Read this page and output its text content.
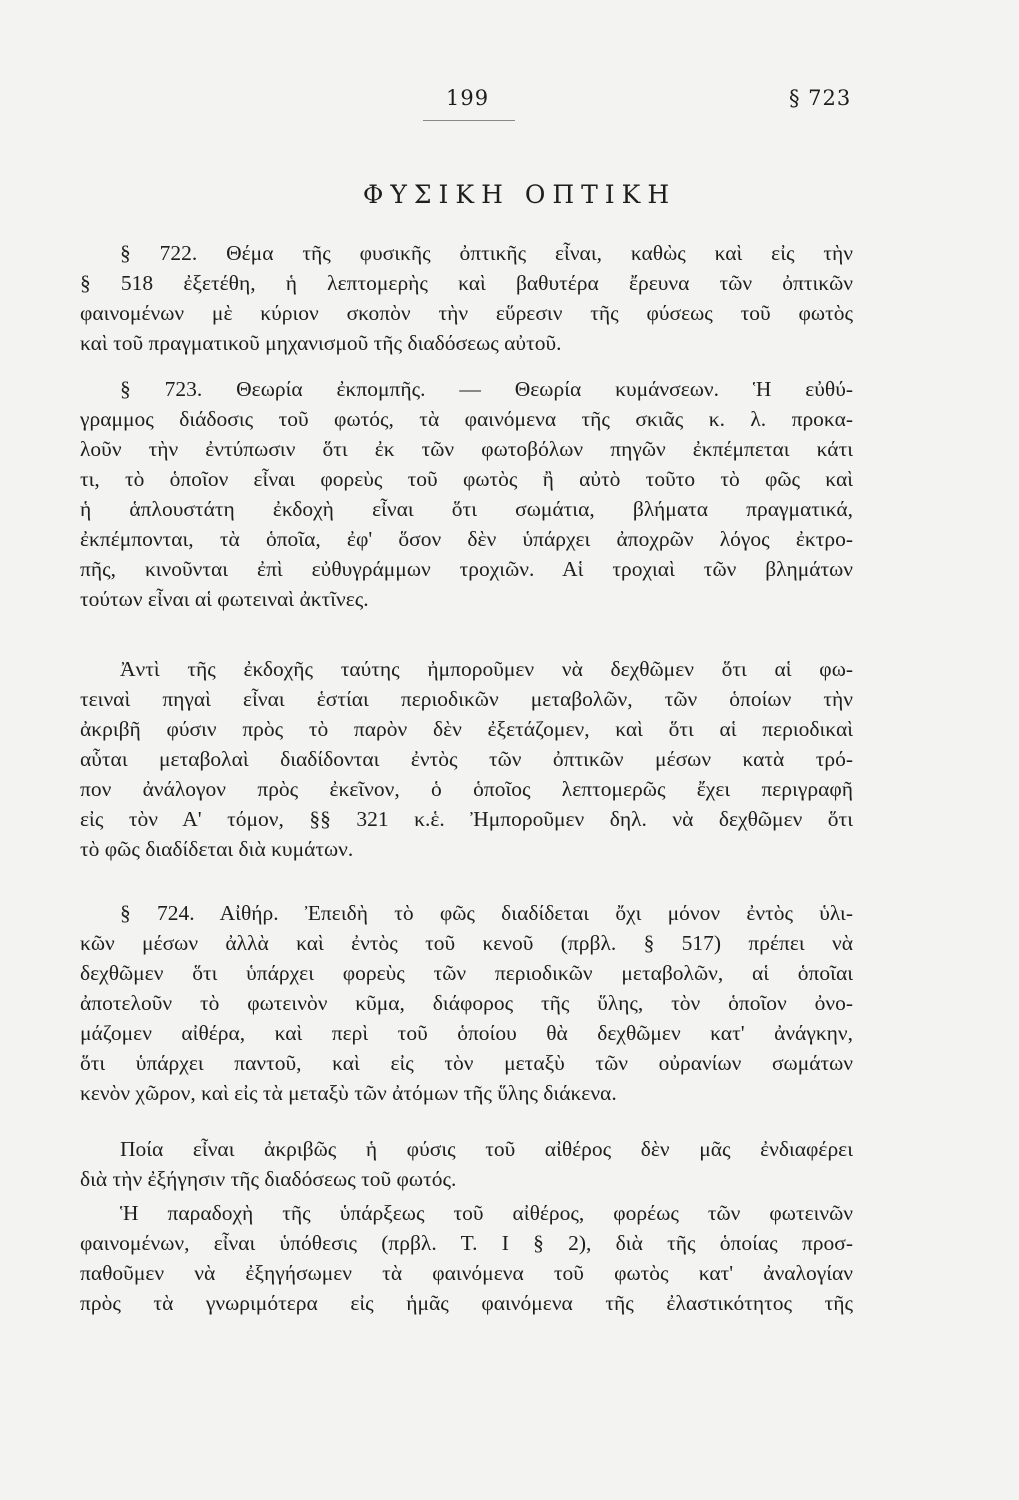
199	§ 723
ΦΥΣΙΚΗ ΟΠΤΙΚΗ
§ 722. Θέμα τῆς φυσικῆς ὀπτικῆς εἶναι, καθὼς καὶ εἰς τὴν
§ 518 ἐξετέθη, ἡ λεπτομερὴς καὶ βαθυτέρα ἔρευνα τῶν ὀπτικῶν
φαινομένων μὲ κύριον σκοπὸν τὴν εὕρεσιν τῆς φύσεως τοῦ φωτὸς
καὶ τοῦ πραγματικοῦ μηχανισμοῦ τῆς διαδόσεως αὐτοῦ.
§ 723. Θεωρία ἐκπομπῆς. — Θεωρία κυμάνσεων. Ἡ εὐθύ-
γραμμος διάδοσις τοῦ φωτός, τὰ φαινόμενα τῆς σκιᾶς κ. λ. προκα-
λοῦν τὴν ἐντύπωσιν ὅτι ἐκ τῶν φωτοβόλων πηγῶν ἐκπέμπεται κάτι
τι, τὸ ὁποῖον εἶναι φορεὺς τοῦ φωτὸς ἢ αὐτὸ τοῦτο τὸ φῶς καὶ
ἡ ἁπλουστάτη ἐκδοχὴ εἶναι ὅτι σωμάτια, βλήματα πραγματικά,
ἐκπέμπονται, τὰ ὁποῖα, ἐφ' ὅσον δὲν ὑπάρχει ἀποχρῶν λόγος ἐκτρο-
πῆς, κινοῦνται ἐπὶ εὐθυγράμμων τροχιῶν. Αἱ τροχιαὶ τῶν βλημάτων
τούτων εἶναι αἱ φωτειναὶ ἀκτῖνες.
Ἀντὶ τῆς ἐκδοχῆς ταύτης ἠμποροῦμεν νὰ δεχθῶμεν ὅτι αἱ φω-
τειναὶ πηγαὶ εἶναι ἑστίαι περιοδικῶν μεταβολῶν, τῶν ὁποίων τὴν
ἀκριβῆ φύσιν πρὸς τὸ παρὸν δὲν ἐξετάζομεν, καὶ ὅτι αἱ περιοδικαὶ
αὗται μεταβολαὶ διαδίδονται ἐντὸς τῶν ὀπτικῶν μέσων κατὰ τρό-
πον ἀνάλογον πρὸς ἐκεῖνον, ὁ ὁποῖος λεπτομερῶς ἔχει περιγραφῆ
εἰς τὸν Α' τόμον, §§ 321 κ.ἑ. Ἠμποροῦμεν δηλ. νὰ δεχθῶμεν ὅτι
τὸ φῶς διαδίδεται διὰ κυμάτων.
§ 724. Αἰθήρ. Ἐπειδὴ τὸ φῶς διαδίδεται ὄχι μόνον ἐντὸς ὑλι-
κῶν μέσων ἀλλὰ καὶ ἐντὸς τοῦ κενοῦ (πρβλ. § 517) πρέπει νὰ
δεχθῶμεν ὅτι ὑπάρχει φορεὺς τῶν περιοδικῶν μεταβολῶν, αἱ ὁποῖαι
ἀποτελοῦν τὸ φωτεινὸν κῦμα, διάφορος τῆς ὕλης, τὸν ὁποῖον ὀνο-
μάζομεν αἰθέρα, καὶ περὶ τοῦ ὁποίου θὰ δεχθῶμεν κατ' ἀνάγκην,
ὅτι ὑπάρχει παντοῦ, καὶ εἰς τὸν μεταξὺ τῶν οὐρανίων σωμάτων
κενὸν χῶρον, καὶ εἰς τὰ μεταξὺ τῶν ἀτόμων τῆς ὕλης διάκενα.
Ποία εἶναι ἀκριβῶς ἡ φύσις τοῦ αἰθέρος δὲν μᾶς ἐνδιαφέρει
διὰ τὴν ἐξήγησιν τῆς διαδόσεως τοῦ φωτός.
Ἡ παραδοχὴ τῆς ὑπάρξεως τοῦ αἰθέρος, φορέως τῶν φωτεινῶν
φαινομένων, εἶναι ὑπόθεσις (πρβλ. Τ. Ι § 2), διὰ τῆς ὁποίας προσ-
παθοῦμεν νὰ ἐξηγήσωμεν τὰ φαινόμενα τοῦ φωτὸς κατ' ἀναλογίαν
πρὸς τὰ γνωριμότερα εἰς ἡμᾶς φαινόμενα τῆς ἐλαστικότητος τῆς
